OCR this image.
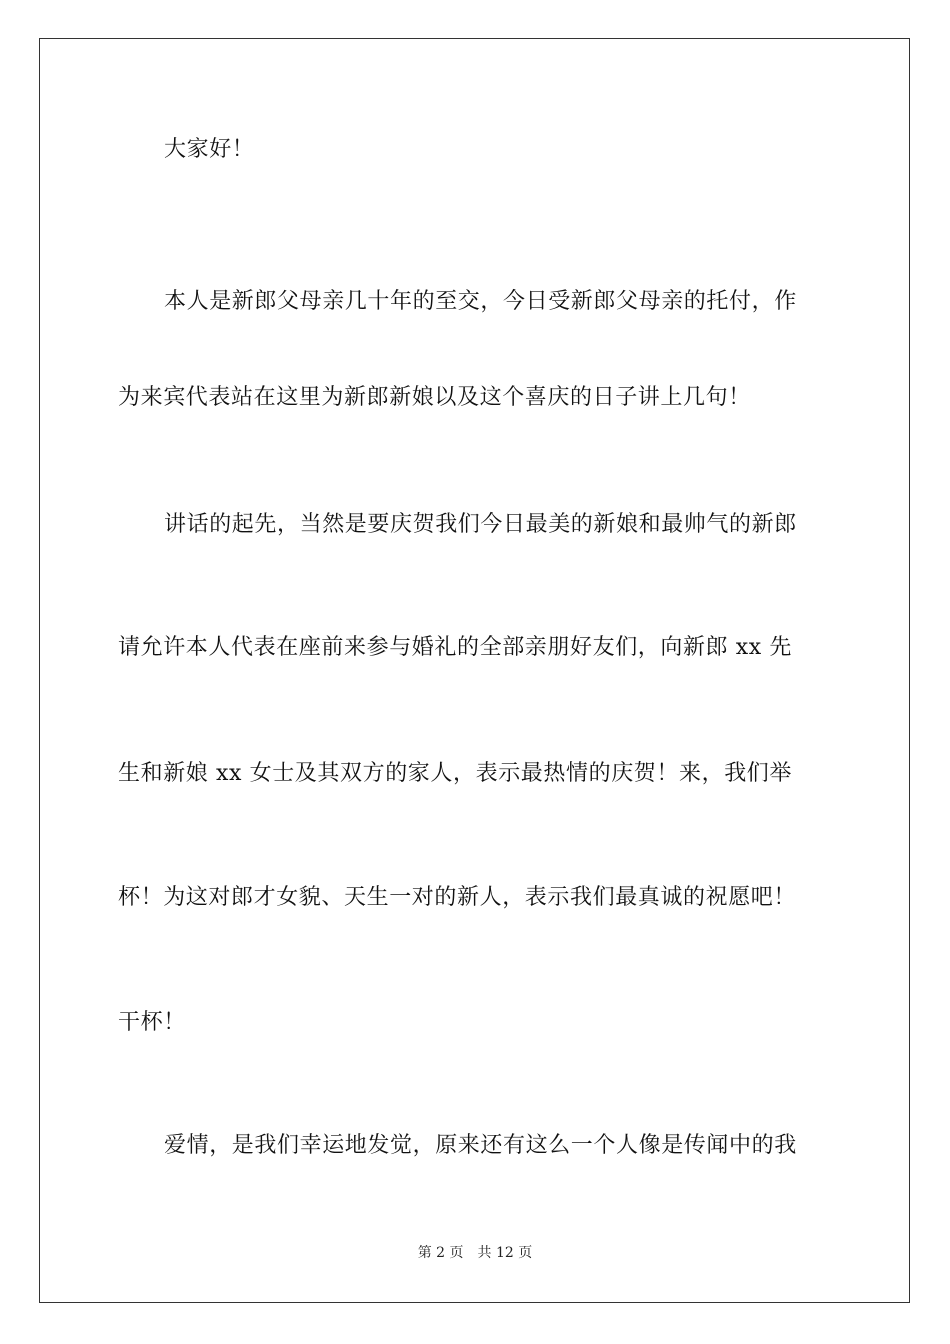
大家好！
本人是新郎父母亲几十年的至交，今日受新郎父母亲的托付，作
为来宾代表站在这里为新郎新娘以及这个喜庆的日子讲上几句！
讲话的起先，当然是要庆贺我们今日最美的新娘和最帅气的新郎
请允许本人代表在座前来参与婚礼的全部亲朋好友们，向新郎 xx 先
生和新娘 xx 女士及其双方的家人，表示最热情的庆贺！来，我们举
杯！为这对郎才女貌、天生一对的新人，表示我们最真诚的祝愿吧！
干杯！
爱情，是我们幸运地发觉，原来还有这么一个人像是传闻中的我
第 2 页 共 12 页
